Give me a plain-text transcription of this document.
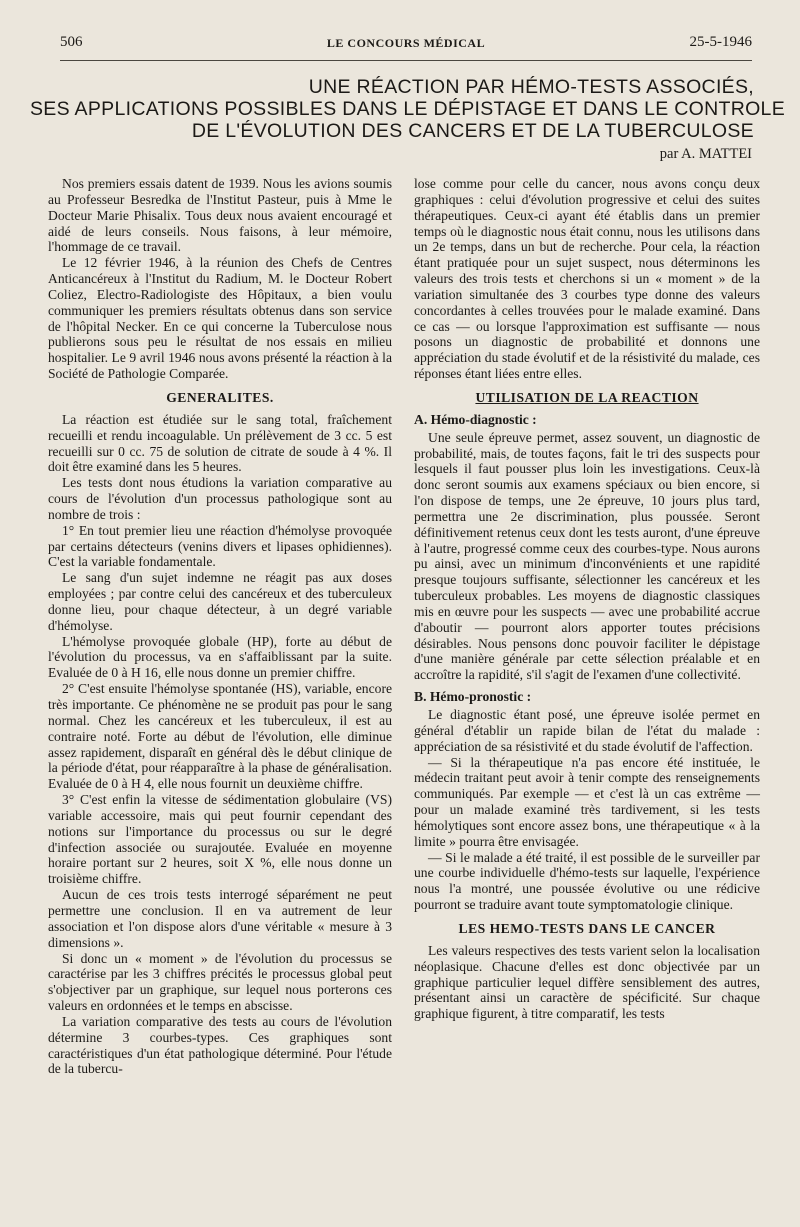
506	LE CONCOURS MÉDICAL	25-5-1946
UNE RÉACTION PAR HÉMO-TESTS ASSOCIÉS,
SES APPLICATIONS POSSIBLES DANS LE DÉPISTAGE ET DANS LE CONTROLE
DE L'ÉVOLUTION DES CANCERS ET DE LA TUBERCULOSE
par A. MATTEI

Nos premiers essais datent de 1939. Nous les avions soumis au Professeur Besredka de l'Institut Pasteur, puis à Mme le Docteur Marie Phisalix. Tous deux nous avaient encouragé et aidé de leurs conseils. Nous faisons, à leur mémoire, l'hommage de ce travail.

Le 12 février 1946, à la réunion des Chefs de Centres Anticancéreux à l'Institut du Radium, M. le Docteur Robert Coliez, Electro-Radiologiste des Hôpitaux, a bien voulu communiquer les premiers résultats obtenus dans son service de l'hôpital Necker. En ce qui concerne la Tuberculose nous publierons sous peu le résultat de nos essais en milieu hospitalier. Le 9 avril 1946 nous avons présenté la réaction à la Société de Pathologie Comparée.

GENERALITES.

La réaction est étudiée sur le sang total, fraîchement recueilli et rendu incoagulable. Un prélèvement de 3 cc. 5 est recueilli sur 0 cc. 75 de solution de citrate de soude à 4 %. Il doit être examiné dans les 5 heures.

Les tests dont nous étudions la variation comparative au cours de l'évolution d'un processus pathologique sont au nombre de trois :

1° En tout premier lieu une réaction d'hémolyse provoquée par certains détecteurs (venins divers et lipases ophidiennes). C'est la variable fondamentale.

Le sang d'un sujet indemne ne réagit pas aux doses employées ; par contre celui des cancéreux et des tuberculeux donne lieu, pour chaque détecteur, à un degré variable d'hémolyse.

L'hémolyse provoquée globale (HP), forte au début de l'évolution du processus, va en s'affaiblissant par la suite. Evaluée de 0 à H 16, elle nous donne un premier chiffre.

2° C'est ensuite l'hémolyse spontanée (HS), variable, encore très importante. Ce phénomène ne se produit pas pour le sang normal. Chez les cancéreux et les tuberculeux, il est au contraire noté. Forte au début de l'évolution, elle diminue assez rapidement, disparaît en général dès le début clinique de la période d'état, pour réapparaître à la phase de généralisation. Evaluée de 0 à H 4, elle nous fournit un deuxième chiffre.

3° C'est enfin la vitesse de sédimentation globulaire (VS) variable accessoire, mais qui peut fournir cependant des notions sur l'importance du processus ou sur le degré d'infection associée ou surajoutée. Evaluée en moyenne horaire portant sur 2 heures, soit X %, elle nous donne un troisième chiffre.

Aucun de ces trois tests interrogé séparément ne peut permettre une conclusion. Il en va autrement de leur association et l'on dispose alors d'une véritable « mesure à 3 dimensions ».

Si donc un « moment » de l'évolution du processus se caractérise par les 3 chiffres précités le processus global peut s'objectiver par un graphique, sur lequel nous porterons ces valeurs en ordonnées et le temps en abscisse.

La variation comparative des tests au cours de l'évolution détermine 3 courbes-types. Ces graphiques sont caractéristiques d'un état pathologique déterminé. Pour l'étude de la tubercu-

lose comme pour celle du cancer, nous avons conçu deux graphiques : celui d'évolution progressive et celui des suites thérapeutiques. Ceux-ci ayant été établis dans un premier temps où le diagnostic nous était connu, nous les utilisons dans un 2e temps, dans un but de recherche. Pour cela, la réaction étant pratiquée pour un sujet suspect, nous déterminons les valeurs des trois tests et cherchons si un « moment » de la variation simultanée des 3 courbes type donne des valeurs concordantes à celles trouvées pour le malade examiné. Dans ce cas — ou lorsque l'approximation est suffisante — nous posons un diagnostic de probabilité et donnons une appréciation du stade évolutif et de la résistivité du malade, ces réponses étant liées entre elles.

UTILISATION DE LA REACTION
A. Hémo-diagnostic :

Une seule épreuve permet, assez souvent, un diagnostic de probabilité, mais, de toutes façons, fait le tri des suspects pour lesquels il faut pousser plus loin les investigations. Ceux-là donc seront soumis aux examens spéciaux ou bien encore, si l'on dispose de temps, une 2e épreuve, 10 jours plus tard, permettra une 2e discrimination, plus poussée. Seront définitivement retenus ceux dont les tests auront, d'une épreuve à l'autre, progressé comme ceux des courbes-type. Nous aurons pu ainsi, avec un minimum d'inconvénients et une rapidité presque toujours suffisante, sélectionner les cancéreux et les tuberculeux probables. Les moyens de diagnostic classiques mis en œuvre pour les suspects — avec une probabilité accrue d'aboutir — pourront alors apporter toutes précisions désirables. Nous pensons donc pouvoir faciliter le dépistage d'une manière générale par cette sélection préalable et en accroître la rapidité, s'il s'agit de l'examen d'une collectivité.

B. Hémo-pronostic :

Le diagnostic étant posé, une épreuve isolée permet en général d'établir un rapide bilan de l'état du malade : appréciation de sa résistivité et du stade évolutif de l'affection.

— Si la thérapeutique n'a pas encore été instituée, le médecin traitant peut avoir à tenir compte des renseignements communiqués. Par exemple — et c'est là un cas extrême — pour un malade examiné très tardivement, si les tests hémolytiques sont encore assez bons, une thérapeutique « à la limite » pourra être envisagée.

— Si le malade a été traité, il est possible de le surveiller par une courbe individuelle d'hémo-tests sur laquelle, l'expérience nous l'a montré, une poussée évolutive ou une rédicive pourront se traduire avant toute symptomatologie clinique.

LES HEMO-TESTS DANS LE CANCER

Les valeurs respectives des tests varient selon la localisation néoplasique. Chacune d'elles est donc objectivée par un graphique particulier lequel diffère sensiblement des autres, présentant ainsi un caractère de spécificité. Sur chaque graphique figurent, à titre comparatif, les tests
